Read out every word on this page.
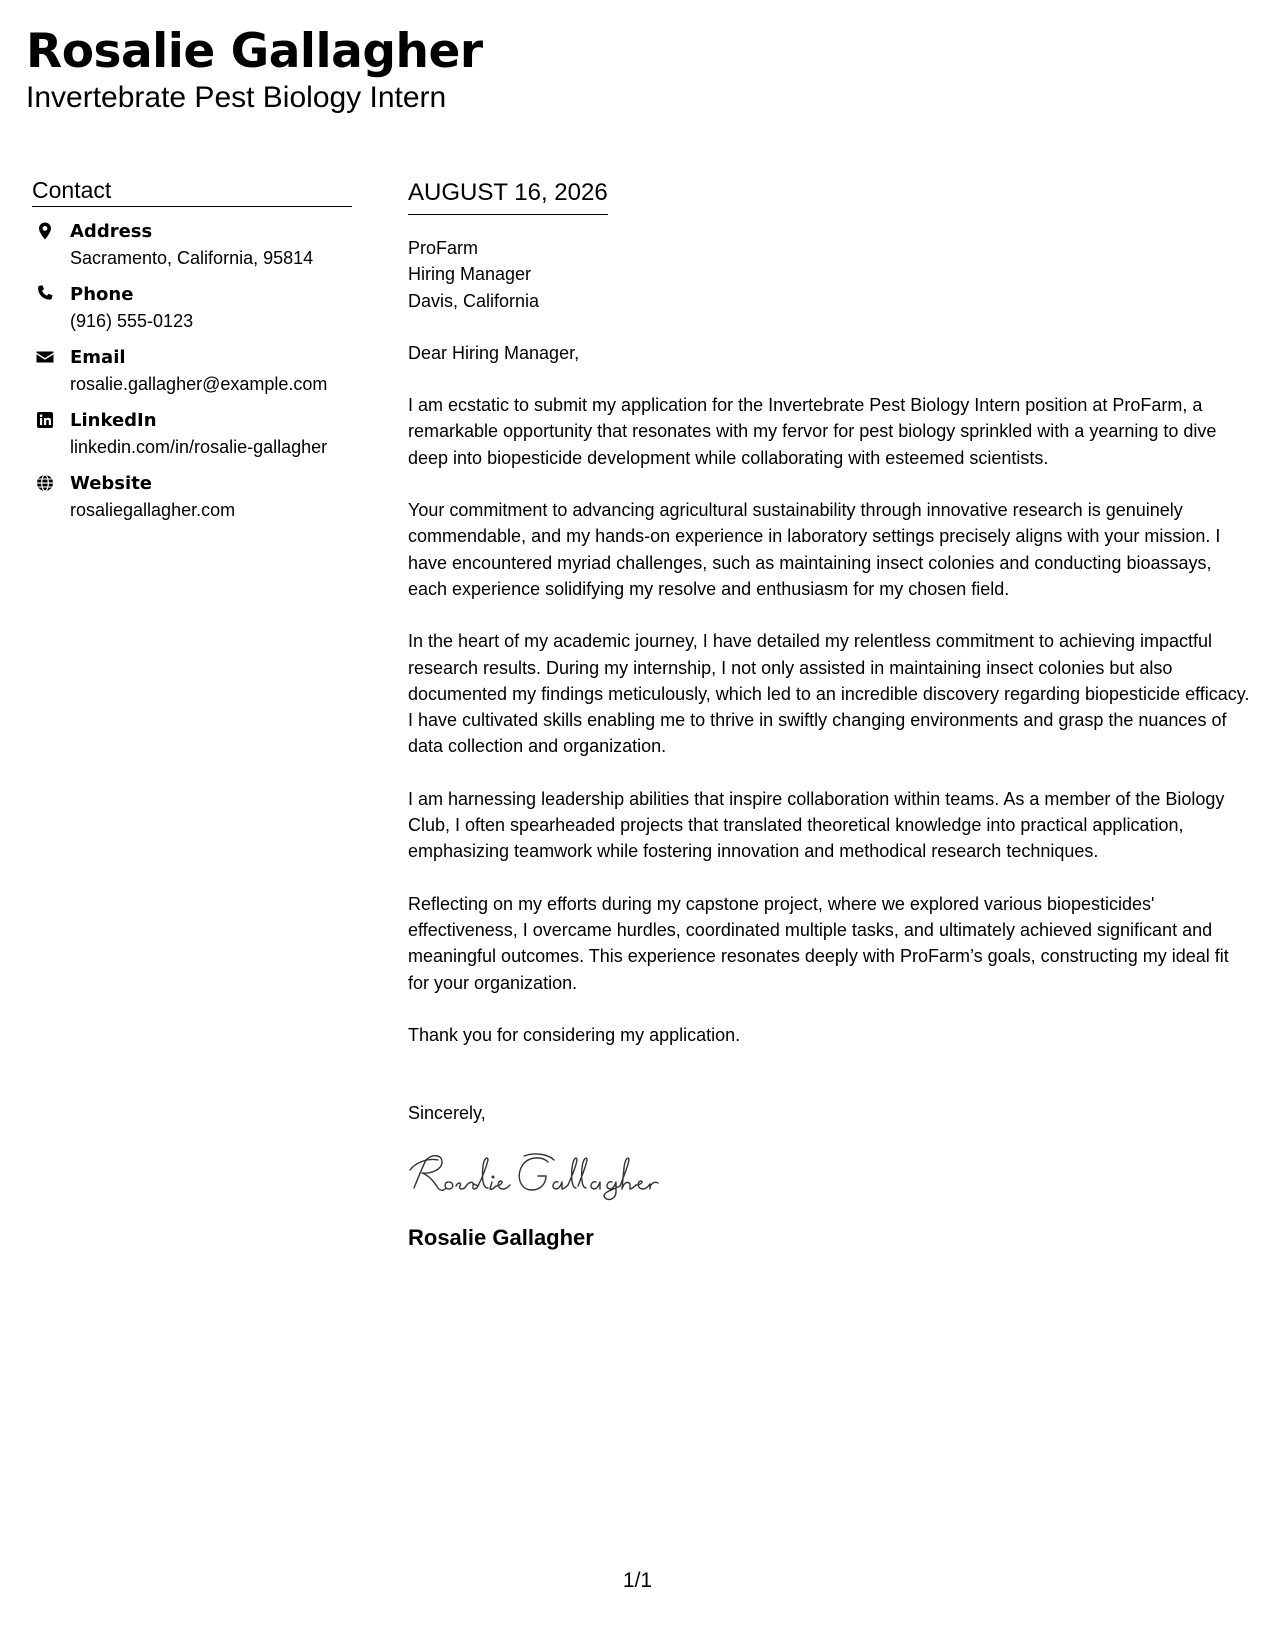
Rosalie Gallagher
Invertebrate Pest Biology Intern
Contact
Address
Sacramento, California, 95814
Phone
(916) 555-0123
Email
rosalie.gallagher@example.com
LinkedIn
linkedin.com/in/rosalie-gallagher
Website
rosaliegallagher.com
AUGUST 16, 2026
ProFarm
Hiring Manager
Davis, California
Dear Hiring Manager,

I am ecstatic to submit my application for the Invertebrate Pest Biology Intern position at ProFarm, a remarkable opportunity that resonates with my fervor for pest biology sprinkled with a yearning to dive deep into biopesticide development while collaborating with esteemed scientists.

Your commitment to advancing agricultural sustainability through innovative research is genuinely commendable, and my hands-on experience in laboratory settings precisely aligns with your mission. I have encountered myriad challenges, such as maintaining insect colonies and conducting bioassays, each experience solidifying my resolve and enthusiasm for my chosen field.

In the heart of my academic journey, I have detailed my relentless commitment to achieving impactful research results. During my internship, I not only assisted in maintaining insect colonies but also documented my findings meticulously, which led to an incredible discovery regarding biopesticide efficacy. I have cultivated skills enabling me to thrive in swiftly changing environments and grasp the nuances of data collection and organization.

I am harnessing leadership abilities that inspire collaboration within teams. As a member of the Biology Club, I often spearheaded projects that translated theoretical knowledge into practical application, emphasizing teamwork while fostering innovation and methodical research techniques.

Reflecting on my efforts during my capstone project, where we explored various biopesticides' effectiveness, I overcame hurdles, coordinated multiple tasks, and ultimately achieved significant and meaningful outcomes. This experience resonates deeply with ProFarm’s goals, constructing my ideal fit for your organization.

Thank you for considering my application.

Sincerely,
Rosalie Gallagher
1/1
